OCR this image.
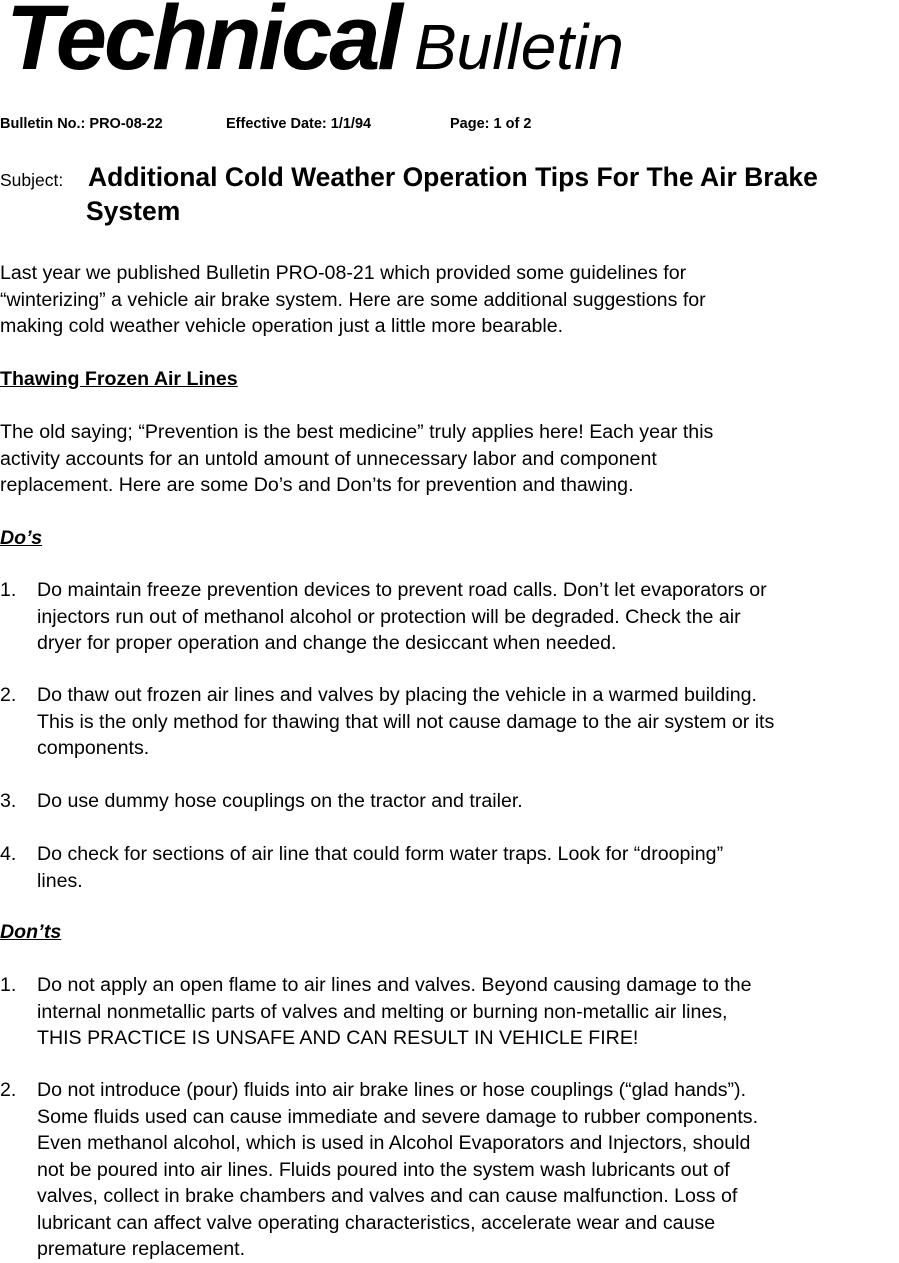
Technical Bulletin
Bulletin No.: PRO-08-22	Effective Date: 1/1/94	Page: 1 of 2
Subject: Additional Cold Weather Operation Tips For The Air Brake
System
Last year we published Bulletin PRO-08-21 which provided some guidelines for
“winterizing” a vehicle air brake system. Here are some additional suggestions for
making cold weather vehicle operation just a little more bearable.
Thawing Frozen Air Lines
The old saying; “Prevention is the best medicine” truly applies here! Each year this
activity accounts for an untold amount of unnecessary labor and component
replacement. Here are some Do’s and Don’ts for prevention and thawing.
Do’s
1. Do maintain freeze prevention devices to prevent road calls. Don’t let evaporators or
injectors run out of methanol alcohol or protection will be degraded. Check the air
dryer for proper operation and change the desiccant when needed.
2. Do thaw out frozen air lines and valves by placing the vehicle in a warmed building.
This is the only method for thawing that will not cause damage to the air system or its
components.
3. Do use dummy hose couplings on the tractor and trailer.
4. Do check for sections of air line that could form water traps. Look for “drooping”
lines.
Don’ts
1. Do not apply an open flame to air lines and valves. Beyond causing damage to the
internal nonmetallic parts of valves and melting or burning non-metallic air lines,
THIS PRACTICE IS UNSAFE AND CAN RESULT IN VEHICLE FIRE!
2. Do not introduce (pour) fluids into air brake lines or hose couplings (“glad hands”).
Some fluids used can cause immediate and severe damage to rubber components.
Even methanol alcohol, which is used in Alcohol Evaporators and Injectors, should
not be poured into air lines. Fluids poured into the system wash lubricants out of
valves, collect in brake chambers and valves and can cause malfunction. Loss of
lubricant can affect valve operating characteristics, accelerate wear and cause
premature replacement.
